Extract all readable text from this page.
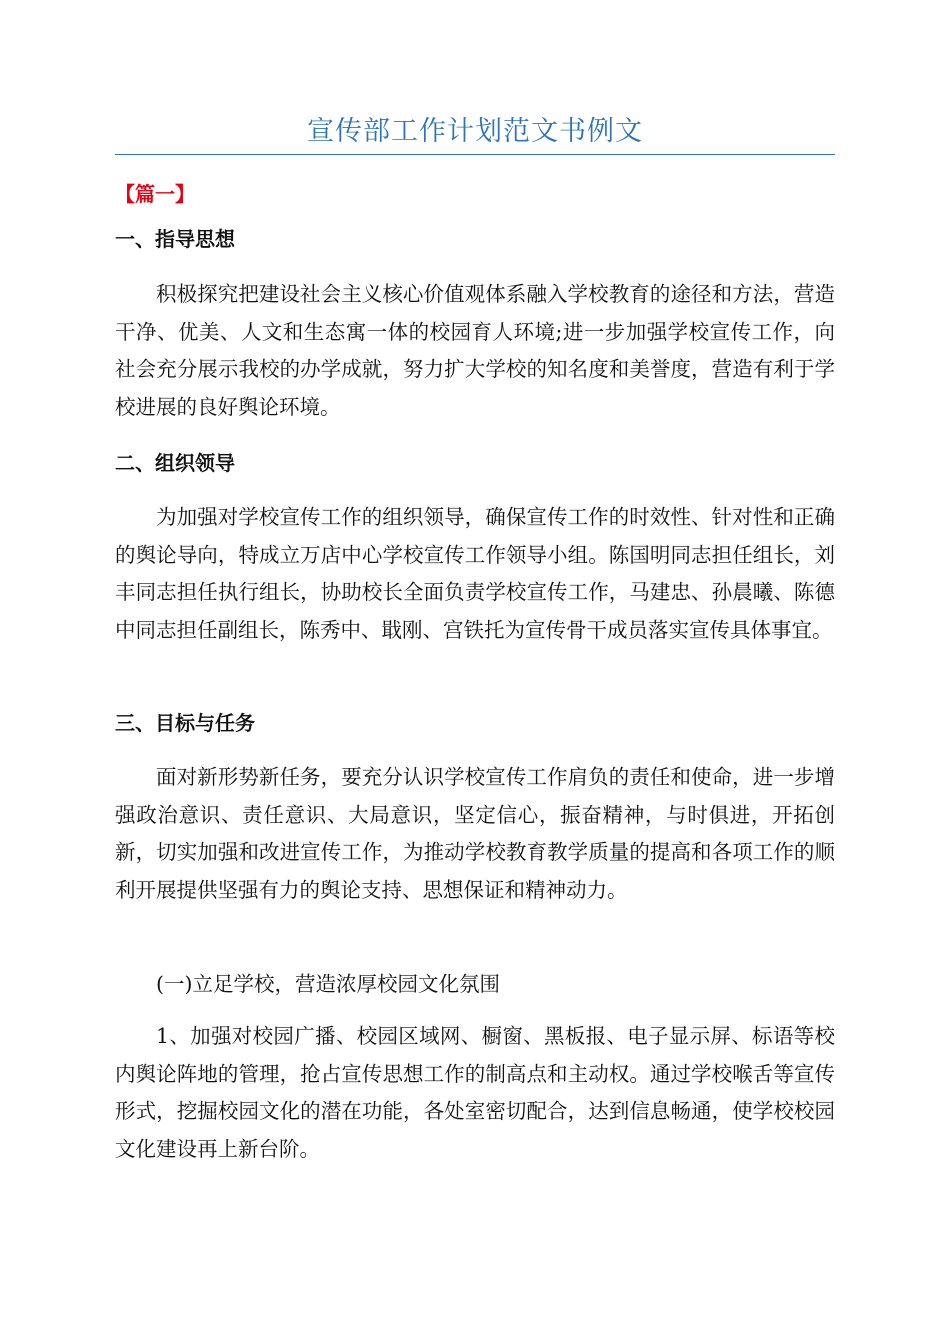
宣传部工作计划范文书例文
【篇一】
一、指导思想
积极探究把建设社会主义核心价值观体系融入学校教育的途径和方法，营造干净、优美、人文和生态寓一体的校园育人环境;进一步加强学校宣传工作，向社会充分展示我校的办学成就，努力扩大学校的知名度和美誉度，营造有利于学校进展的良好舆论环境。
二、组织领导
为加强对学校宣传工作的组织领导，确保宣传工作的时效性、针对性和正确的舆论导向，特成立万店中心学校宣传工作领导小组。陈国明同志担任组长，刘丰同志担任执行组长，协助校长全面负责学校宣传工作，马建忠、孙晨曦、陈德中同志担任副组长，陈秀中、戢刚、宫铁托为宣传骨干成员落实宣传具体事宜。
三、目标与任务
面对新形势新任务，要充分认识学校宣传工作肩负的责任和使命，进一步增强政治意识、责任意识、大局意识，坚定信心，振奋精神，与时俱进，开拓创新，切实加强和改进宣传工作，为推动学校教育教学质量的提高和各项工作的顺利开展提供坚强有力的舆论支持、思想保证和精神动力。
(一)立足学校，营造浓厚校园文化氛围
1、加强对校园广播、校园区域网、橱窗、黑板报、电子显示屏、标语等校内舆论阵地的管理，抢占宣传思想工作的制高点和主动权。通过学校喉舌等宣传形式，挖掘校园文化的潜在功能，各处室密切配合，达到信息畅通，使学校校园文化建设再上新台阶。
